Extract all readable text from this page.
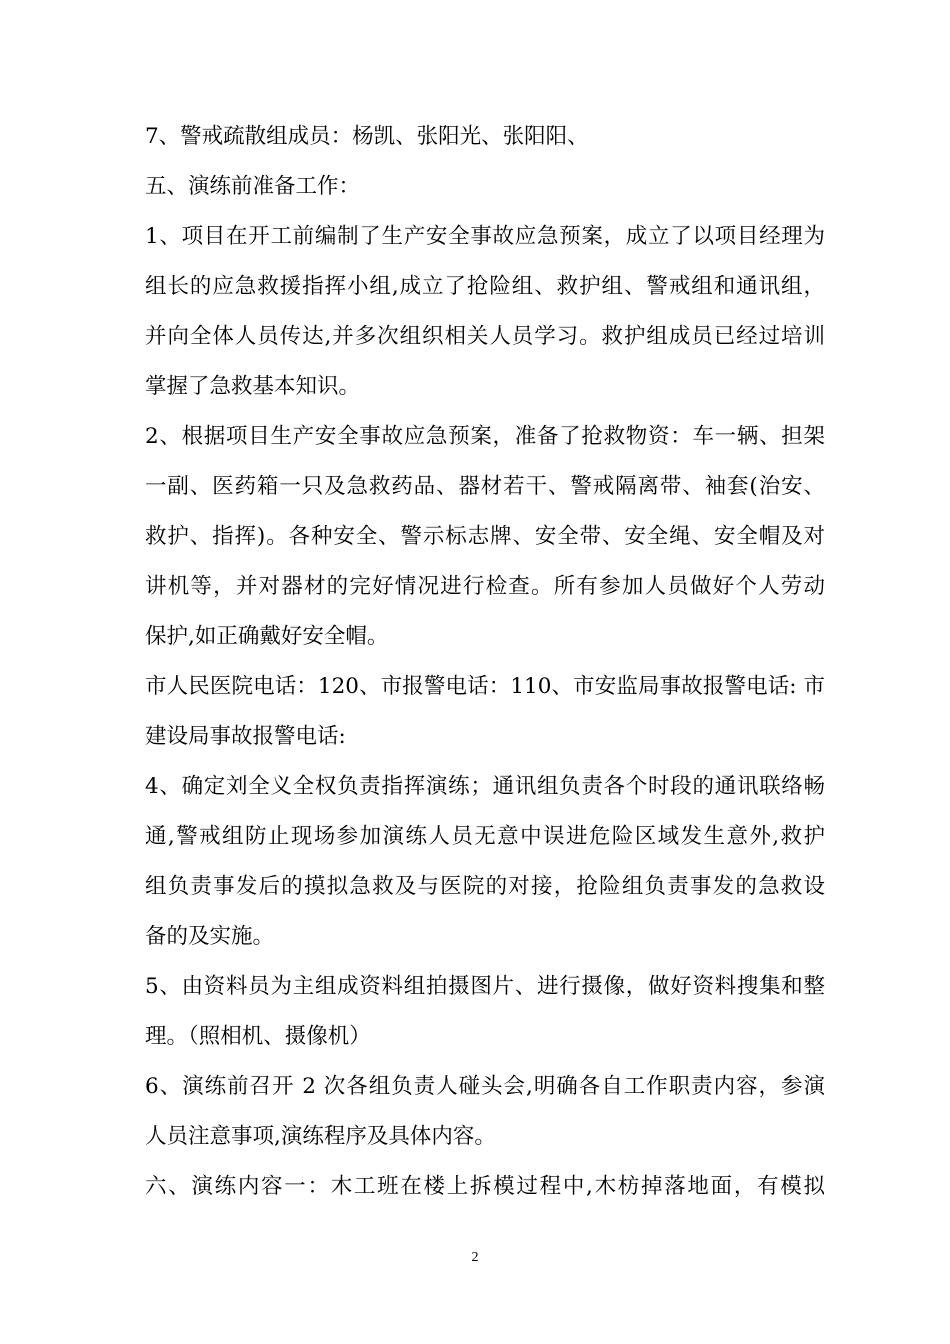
7、警戒疏散组成员：杨凯、张阳光、张阳阳、
五、演练前准备工作：
1、项目在开工前编制了生产安全事故应急预案，成立了以项目经理为
组长的应急救援指挥小组,成立了抢险组、救护组、警戒组和通讯组，
并向全体人员传达,并多次组织相关人员学习。救护组成员已经过培训
掌握了急救基本知识。
2、根据项目生产安全事故应急预案，准备了抢救物资：车一辆、担架
一副、医药箱一只及急救药品、器材若干、警戒隔离带、袖套(治安、
救护、指挥)。各种安全、警示标志牌、安全带、安全绳、安全帽及对
讲机等，并对器材的完好情况进行检查。所有参加人员做好个人劳动
保护,如正确戴好安全帽。
市人民医院电话：120、市报警电话：110、市安监局事故报警电话: 市
建设局事故报警电话:
4、确定刘全义全权负责指挥演练；通讯组负责各个时段的通讯联络畅
通,警戒组防止现场参加演练人员无意中误进危险区域发生意外,救护
组负责事发后的摸拟急救及与医院的对接，抢险组负责事发的急救设
备的及实施。
5、由资料员为主组成资料组拍摄图片、进行摄像，做好资料搜集和整
理。（照相机、摄像机）
6、演练前召开 2 次各组负责人碰头会,明确各自工作职责内容，参演
人员注意事项,演练程序及具体内容。
六、演练内容一：木工班在楼上拆模过程中,木枋掉落地面，有模拟
2
